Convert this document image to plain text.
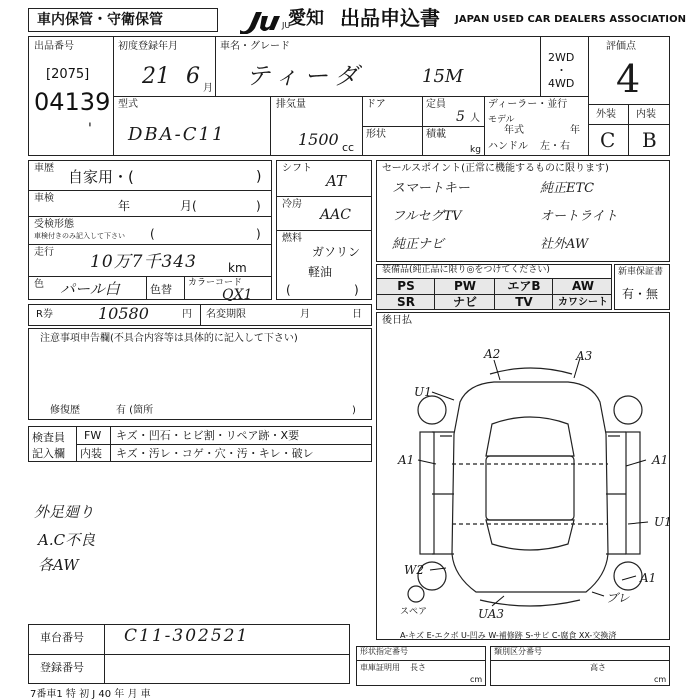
車内保管・守衛保管	JU
愛知 出品申込書 JAPAN USED CAR DEALERS ASSOCIATION
出品番号
[2075]
04139
'
初度登録年月
21 6 月
車名・グレード
ティーダ	15M
2WD
・
4WD
評価点
4
外装 内装
C B
型式
DBA-C11
排気量
1500 cc
ドア
形状
定員
5 人
積載
kg
ディーラー・並行
モデル
年式	年
ハンドル 左・右
車歴 自家用・(	)
車検
年	月(	)
受検形態
車検付きのみ記入して下さい (	)
走行 10万7千343	km
色 パール白	色替 カラーコード
QX1
シフト
AT
冷房
AAC
燃料
ガソリン
軽油
(	)
セールスポイント(正常に機能するものに限ります)
スマートキー	純正ETC
フルセグTV	オートライト
純正ナビ	社外AW
装備品(純正品に限り◎をつけてください)
PS	PW	エアB	AW
SR	ナビ	TV	カワシート
新車保証書
有・無
R券	10580	円 名変期限	月	日
後日払
注意事項申告欄(不具合内容等は具体的に記入して下さい)
修復歴	有 (箇所	)
検査員
記入欄
FW キズ・凹石・ヒビ割・リペア跡・X要
内装 キズ・汚レ・コゲ・穴・汚・キレ・破レ
外足廻り
A.C不良
各AW
A2	A3
U1
A1	A1
U1
W2
A1
ブレ
UA3
スペア
A-キズ E-エクボ U-凹み W-補修跡 S-サビ C-腐食 XX-交換済
車台番号 C11-302521
登録番号
形状指定番号
車庫証明用 長さ
cm
類別区分番号
高さ
cm
7番車1 特 初 J 40 年 月 車
